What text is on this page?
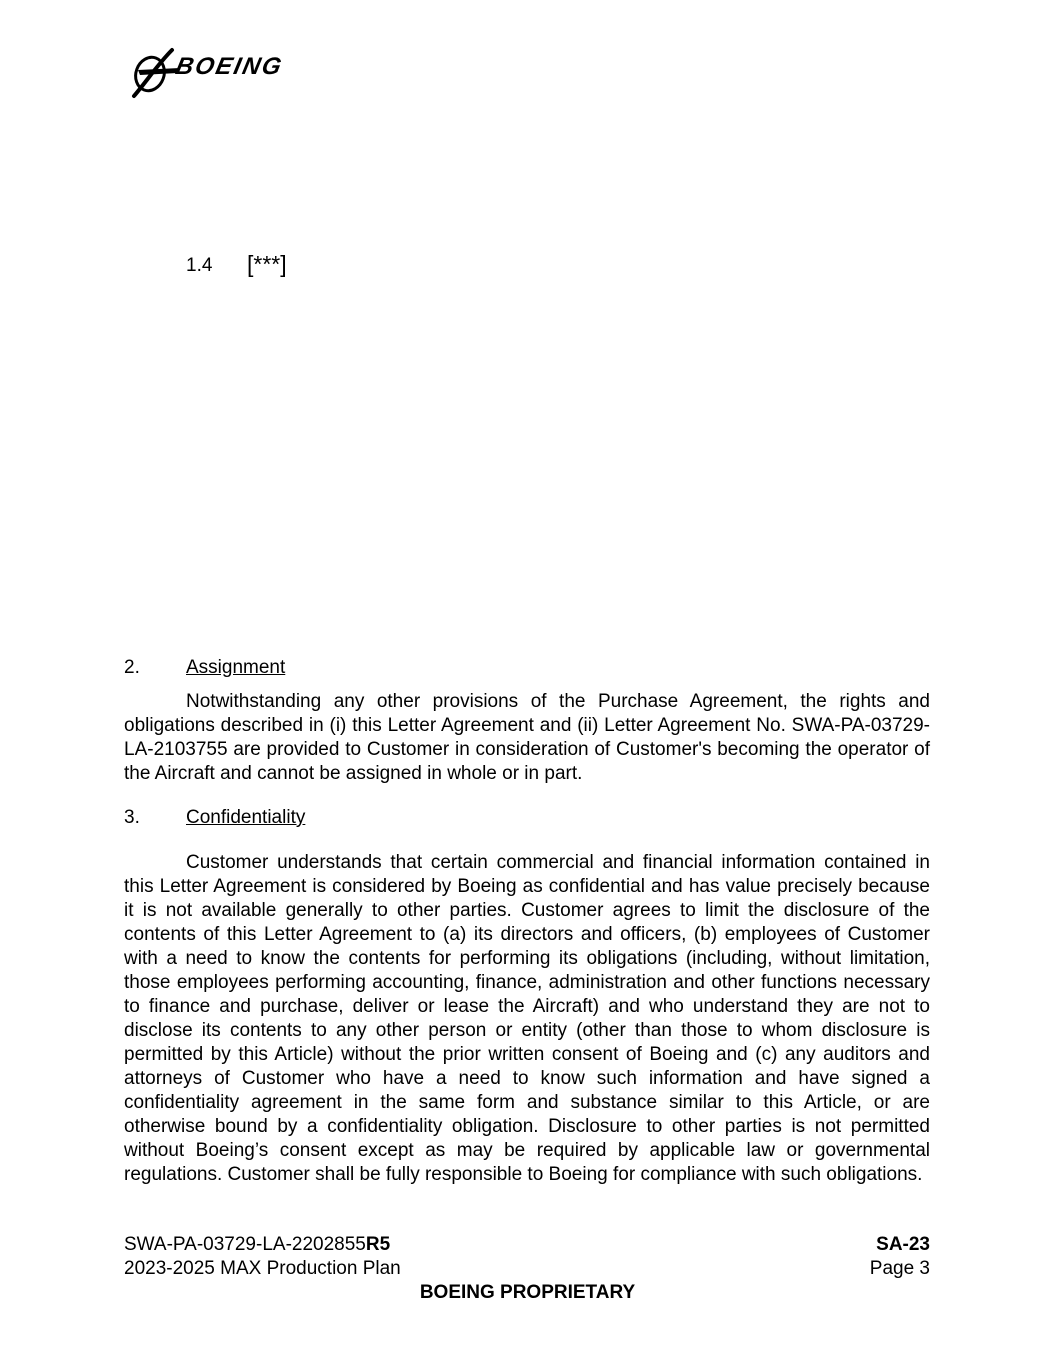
BOEING
1.4 [***]
2. Assignment

Notwithstanding any other provisions of the Purchase Agreement, the rights and obligations described in (i) this Letter Agreement and (ii) Letter Agreement No. SWA-PA-03729-LA-2103755 are provided to Customer in consideration of Customer's becoming the operator of the Aircraft and cannot be assigned in whole or in part.

3. Confidentiality

Customer understands that certain commercial and financial information contained in this Letter Agreement is considered by Boeing as confidential and has value precisely because it is not available generally to other parties. Customer agrees to limit the disclosure of the contents of this Letter Agreement to (a) its directors and officers, (b) employees of Customer with a need to know the contents for performing its obligations (including, without limitation, those employees performing accounting, finance, administration and other functions necessary to finance and purchase, deliver or lease the Aircraft) and who understand they are not to disclose its contents to any other person or entity (other than those to whom disclosure is permitted by this Article) without the prior written consent of Boeing and (c) any auditors and attorneys of Customer who have a need to know such information and have signed a confidentiality agreement in the same form and substance similar to this Article, or are otherwise bound by a confidentiality obligation. Disclosure to other parties is not permitted without Boeing’s consent except as may be required by applicable law or governmental regulations. Customer shall be fully responsible to Boeing for compliance with such obligations.

SWA-PA-03729-LA-2202855R5	SA-23
2023-2025 MAX Production Plan	Page 3
BOEING PROPRIETARY
